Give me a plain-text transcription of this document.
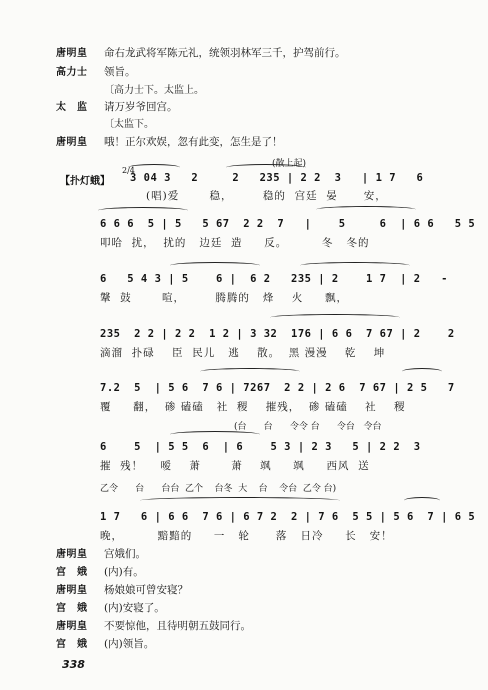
唐明皇	命右龙武将军陈元礼，统领羽林军三千，护驾前行。
高力士	领旨。
〔高力士下。太监上。
太　监	请万岁爷回宫。
〔太监下。
唐明皇	哦！正尔欢娱，忽有此变，怎生是了！
(散上起)
【扑灯蛾】
2/4
3 04 3   2     2   235 | 2 2  3   | 1 7   6
(唱)爱       稳，       稳的  宫廷  晏      安，
6 6 6  5 | 5   5 67  2 2  7   |    5     6  | 6 6   5 5
叩哈  扰，  扰的   边廷  造     反。        冬   冬的
6   5 4 3 | 5    6 |  6 2   235 | 2    1 7  | 2   -
鞶  鼓       喧，       腾腾的   烽    火     飘，
235  2 2 | 2 2  1 2 | 3 32  176 | 6 6  7 67 | 2    2
滴溜  扑碌    臣  民儿   逃    散。  黑 漫漫    乾    坤
7.2  5  | 5 6  7 6 | 7267  2 2 | 2 6  7 67 | 2 5   7
覆     翻，  碜 磕磕   社  稷    摧残，  碜 磕磕    社    稷
(台      台      令令 台      令台   令台
6    5  | 5 5  6  | 6    5 3 | 2 3   5 | 2 2  3
摧  残！    嗳    萧       萧    飒     飒     西风  送
乙令      台      台台  乙个    台冬  大    台    令台  乙令 台)
1 7   6 | 6 6  7 6 | 6 7 2  2 | 7 6  5 5 | 5 6  7 | 6 5
晚，        黯黯的     一   轮      落   日冷     长   安！
唐明皇	宫娥们。
宫　娥	(内)有。
唐明皇	杨娘娘可曾安寝？
宫　娥	(内)安寝了。
唐明皇	不要惊他，且待明朝五鼓同行。
宫　娥	(内)领旨。
338
